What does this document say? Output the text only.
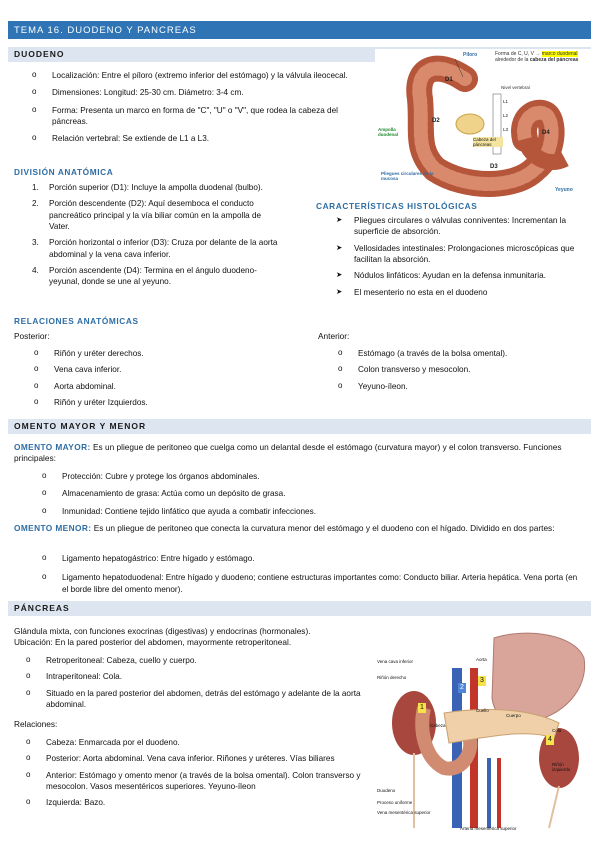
TEMA 16. DUODENO Y PANCREAS
DUODENO
o Localización: Entre el píloro (extremo inferior del estómago) y la válvula ileocecal.
o Dimensiones: Longitud: 25-30 cm. Diámetro: 3-4 cm.
o Forma: Presenta un marco en forma de "C", "U" o "V", que rodea la cabeza del páncreas.
o Relación vertebral: Se extiende de L1 a L3.
DIVISIÓN ANATÓMICA
1. Porción superior (D1): Incluye la ampolla duodenal (bulbo).
2. Porción descendente (D2): Aquí desemboca el conducto pancreático principal y la vía biliar común en la ampolla de Vater.
3. Porción horizontal o inferior (D3): Cruza por delante de la aorta abdominal y la vena cava inferior.
4. Porción ascendente (D4): Termina en el ángulo duodeno-yeyunal, donde se une al yeyuno.
Píloro	Forma de C, U, V → marco duodenal
alrededor de la cabeza del páncreas
D1
D2
D3
D4
Nivel vertebral
L1
L2
L3
Ampolla duodenal
Cabeza del páncreas
Pliegues circulares de la mucosa
Yeyuno
CARACTERÍSTICAS HISTOLÓGICAS
➤ Pliegues circulares o válvulas conniventes: Incrementan la superficie de absorción.
➤ Vellosidades intestinales: Prolongaciones microscópicas que facilitan la absorción.
➤ Nódulos linfáticos: Ayudan en la defensa inmunitaria.
➤ El mesenterio no esta en el duodeno
RELACIONES ANATÓMICAS
Posterior:
o Riñón y uréter derechos.
o Vena cava inferior.
o Aorta abdominal.
o Riñón y uréter Izquierdos.
Anterior:
o Estómago (a través de la bolsa omental).
o Colon transverso y mesocolon.
o Yeyuno-íleon.
OMENTO MAYOR Y MENOR
OMENTO MAYOR: Es un pliegue de peritoneo que cuelga como un delantal desde el estómago (curvatura mayor) y el colon transverso. Funciones principales:
o Protección: Cubre y protege los órganos abdominales.
o Almacenamiento de grasa: Actúa como un depósito de grasa.
o Inmunidad: Contiene tejido linfático que ayuda a combatir infecciones.
OMENTO MENOR: Es un pliegue de peritoneo que conecta la curvatura menor del estómago y el duodeno con el hígado. Dividido en dos partes:
o Ligamento hepatogástrico: Entre hígado y estómago.
o Ligamento hepatoduodenal: Entre hígado y duodeno; contiene estructuras importantes como: Conducto biliar. Arteria hepática. Vena porta (en el borde libre del omento menor).
PÁNCREAS
Glándula mixta, con funciones exocrinas (digestivas) y endocrinas (hormonales).
Ubicación: En la pared posterior del abdomen, mayormente retroperitoneal.
o Retroperitoneal: Cabeza, cuello y cuerpo.
o Intraperitoneal: Cola.
o Situado en la pared posterior del abdomen, detrás del estómago y adelante de la aorta abdominal.
Relaciones:
o Cabeza: Enmarcada por el duodeno.
o Posterior: Aorta abdominal. Vena cava inferior. Riñones y uréteres. Vías biliares
o Anterior: Estómago y omento menor (a través de la bolsa omental). Colon transverso y mesocolon. Vasos mesentéricos superiores. Yeyuno-íleon
o Izquierda: Bazo.
Vena cava inferior	Aorta
Riñón derecho
Cuello
Cuerpo
Cabeza
Cola
Riñón izquierdo
Duodeno
Proceso uniforme
Vena mesentérica superior
Arteria mesentérica superior
1
2
3
4
